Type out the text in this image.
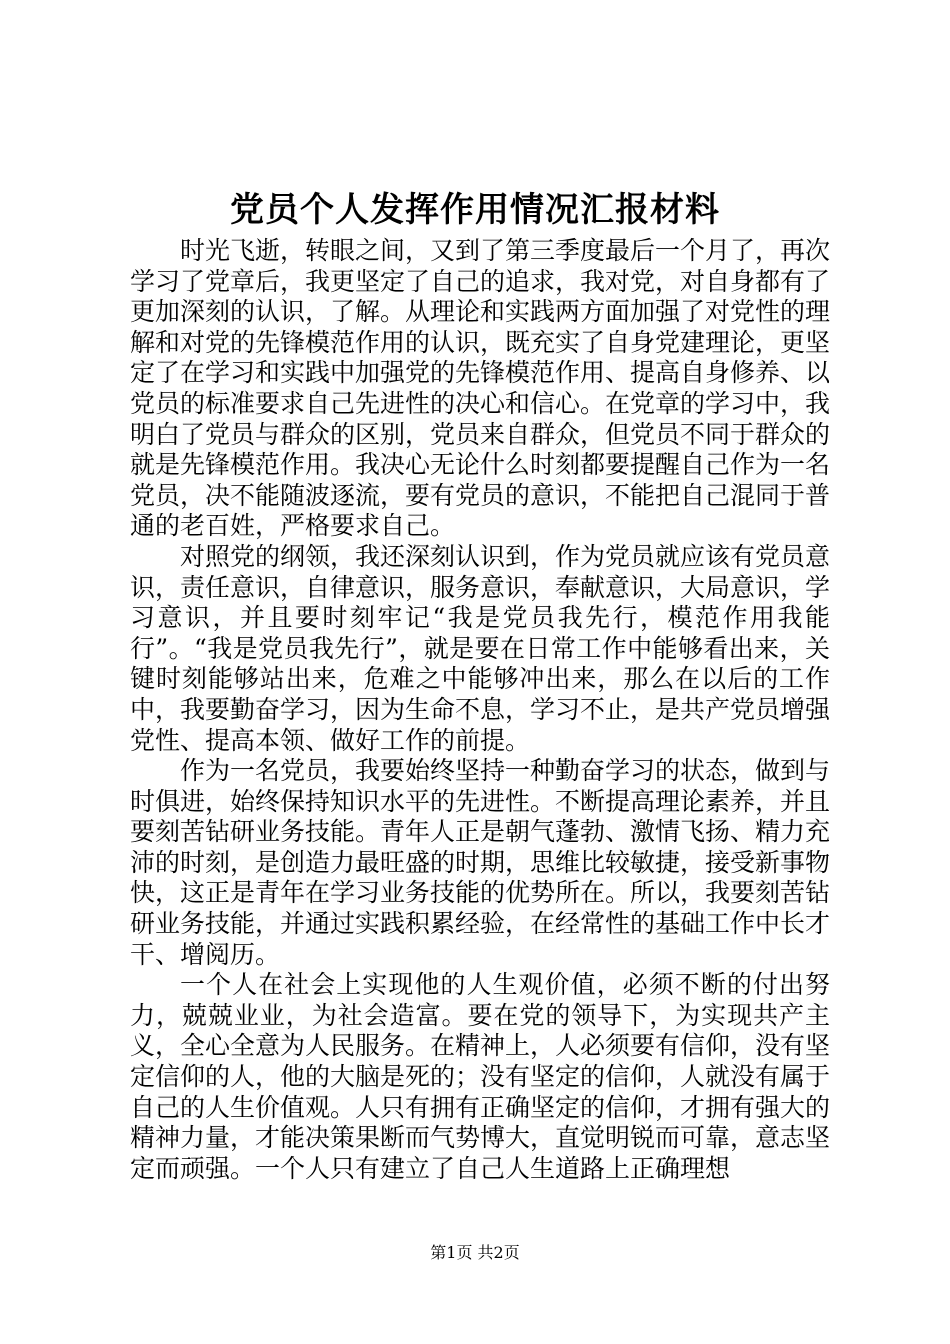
党员个人发挥作用情况汇报材料

时光飞逝，转眼之间，又到了第三季度最后一个月了，再次学习了党章后，我更坚定了自己的追求，我对党，对自身都有了更加深刻的认识，了解。从理论和实践两方面加强了对党性的理解和对党的先锋模范作用的认识，既充实了自身党建理论，更坚定了在学习和实践中加强党的先锋模范作用、提高自身修养、以党员的标准要求自己先进性的决心和信心。在党章的学习中，我明白了党员与群众的区别，党员来自群众，但党员不同于群众的就是先锋模范作用。我决心无论什么时刻都要提醒自己作为一名党员，决不能随波逐流，要有党员的意识，不能把自己混同于普通的老百姓，严格要求自己。

对照党的纲领，我还深刻认识到，作为党员就应该有党员意识，责任意识，自律意识，服务意识，奉献意识，大局意识，学习意识，并且要时刻牢记“我是党员我先行，模范作用我能行”。“我是党员我先行”，就是要在日常工作中能够看出来，关键时刻能够站出来，危难之中能够冲出来，那么在以后的工作中，我要勤奋学习，因为生命不息，学习不止，是共产党员增强党性、提高本领、做好工作的前提。

作为一名党员，我要始终坚持一种勤奋学习的状态，做到与时俱进，始终保持知识水平的先进性。不断提高理论素养，并且要刻苦钻研业务技能。青年人正是朝气蓬勃、激情飞扬、精力充沛的时刻，是创造力最旺盛的时期，思维比较敏捷，接受新事物快，这正是青年在学习业务技能的优势所在。所以，我要刻苦钻研业务技能，并通过实践积累经验，在经常性的基础工作中长才干、增阅历。

一个人在社会上实现他的人生观价值，必须不断的付出努力，兢兢业业，为社会造富。要在党的领导下，为实现共产主义，全心全意为人民服务。在精神上，人必须要有信仰，没有坚定信仰的人，他的大脑是死的；没有坚定的信仰，人就没有属于自己的人生价值观。人只有拥有正确坚定的信仰，才拥有强大的精神力量，才能决策果断而气势博大，直觉明锐而可靠，意志坚定而顽强。一个人只有建立了自己人生道路上正确理想

第1页 共2页
